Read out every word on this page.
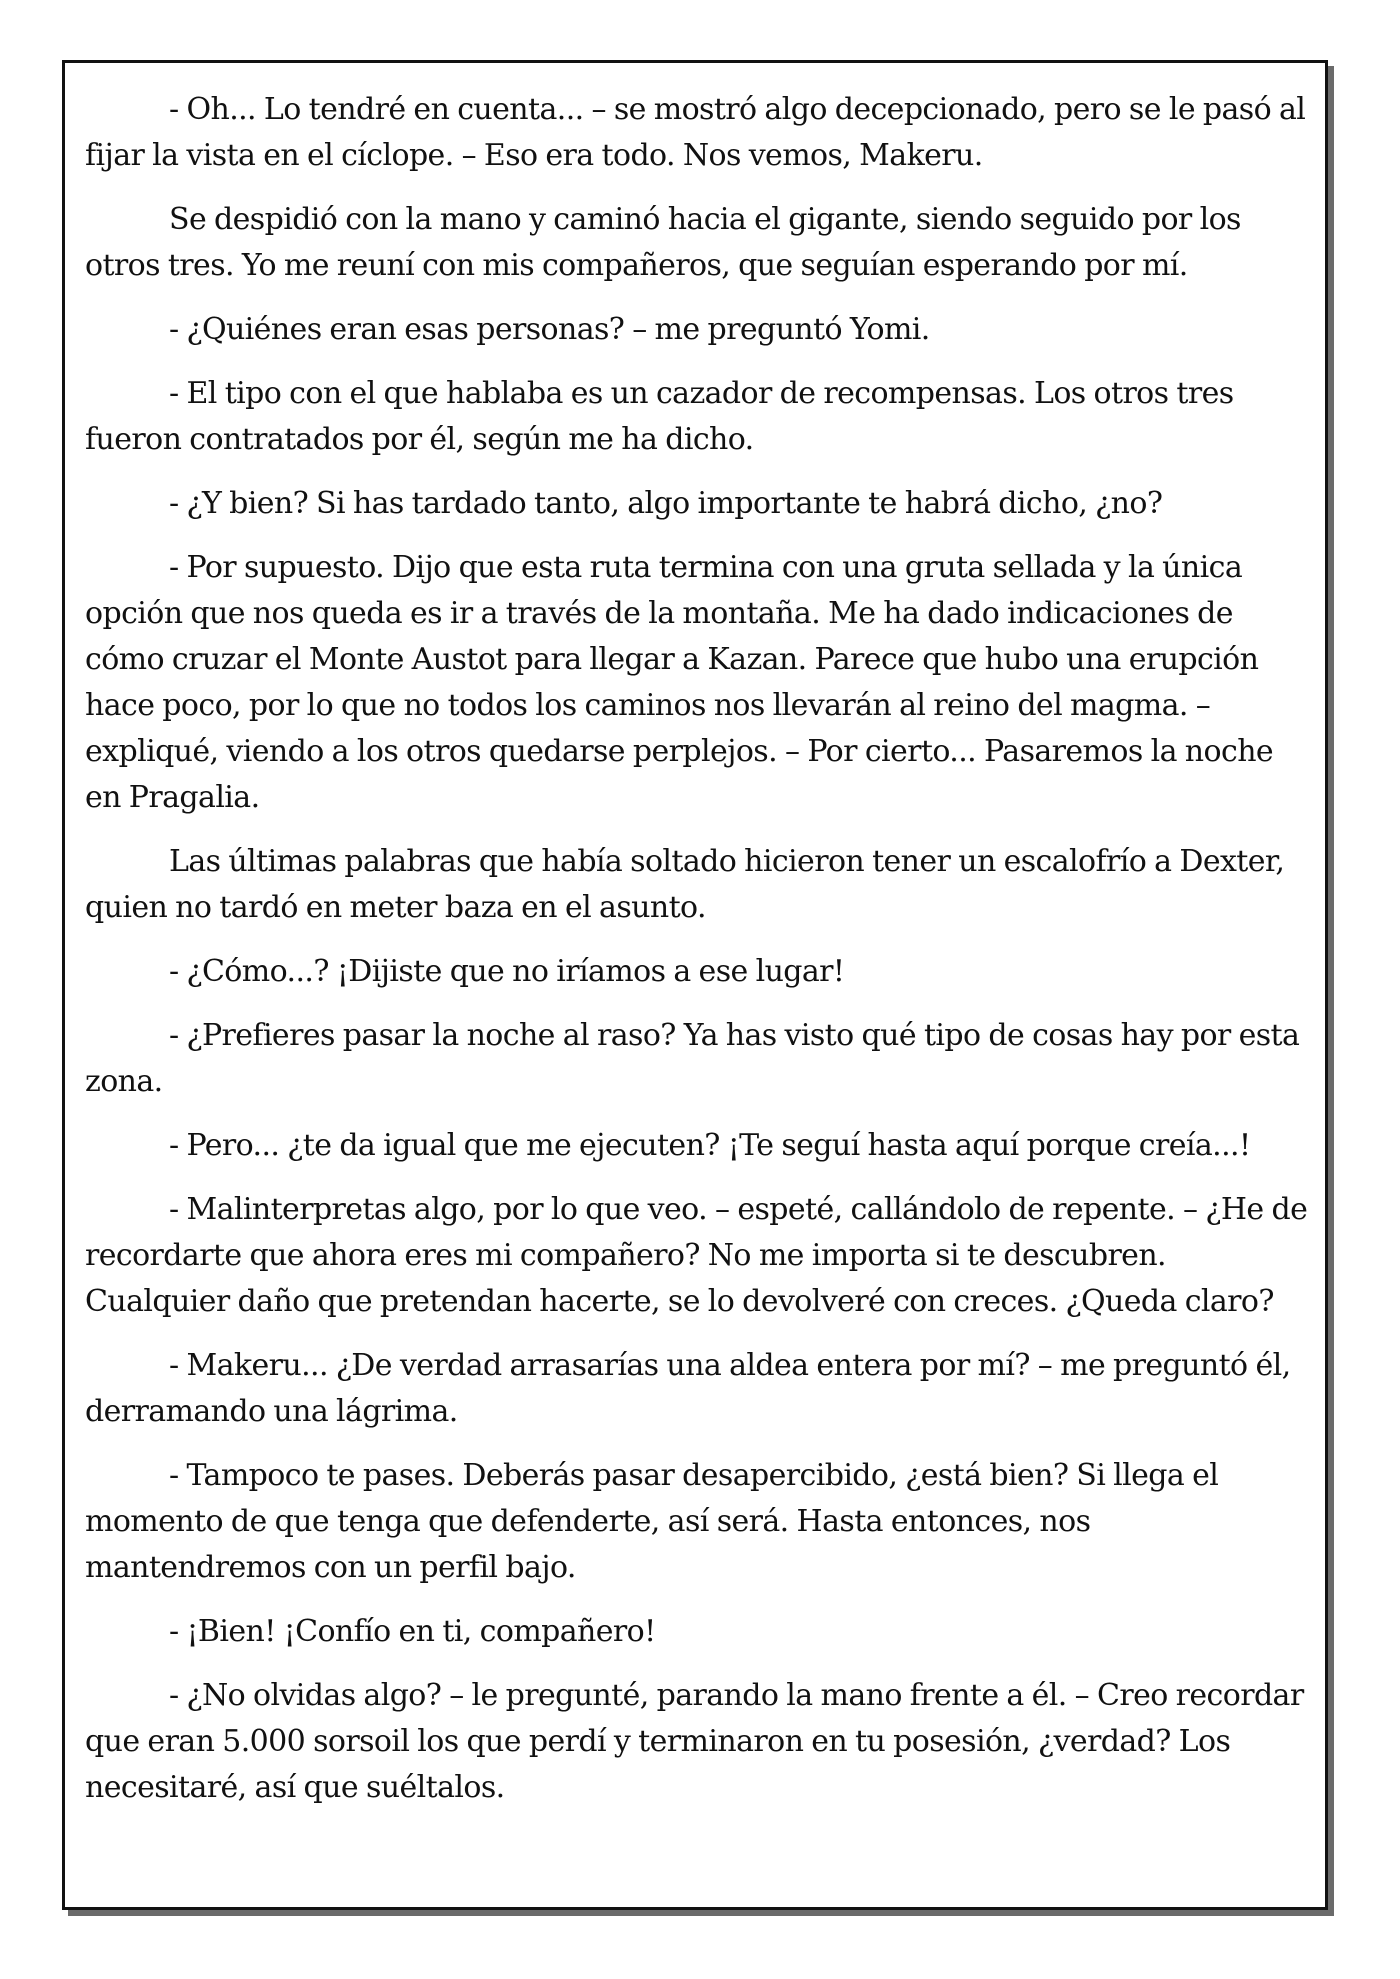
- Oh... Lo tendré en cuenta... – se mostró algo decepcionado, pero se le pasó al fijar la vista en el cíclope. – Eso era todo. Nos vemos, Makeru.

Se despidió con la mano y caminó hacia el gigante, siendo seguido por los otros tres. Yo me reuní con mis compañeros, que seguían esperando por mí.

- ¿Quiénes eran esas personas? – me preguntó Yomi.

- El tipo con el que hablaba es un cazador de recompensas. Los otros tres fueron contratados por él, según me ha dicho.

- ¿Y bien? Si has tardado tanto, algo importante te habrá dicho, ¿no?

- Por supuesto. Dijo que esta ruta termina con una gruta sellada y la única opción que nos queda es ir a través de la montaña. Me ha dado indicaciones de cómo cruzar el Monte Austot para llegar a Kazan. Parece que hubo una erupción hace poco, por lo que no todos los caminos nos llevarán al reino del magma. – expliqué, viendo a los otros quedarse perplejos. – Por cierto... Pasaremos la noche en Pragalia.

Las últimas palabras que había soltado hicieron tener un escalofrío a Dexter, quien no tardó en meter baza en el asunto.

- ¿Cómo...? ¡Dijiste que no iríamos a ese lugar!

- ¿Prefieres pasar la noche al raso? Ya has visto qué tipo de cosas hay por esta zona.

- Pero... ¿te da igual que me ejecuten? ¡Te seguí hasta aquí porque creía...!

- Malinterpretas algo, por lo que veo. – espeté, callándolo de repente. – ¿He de recordarte que ahora eres mi compañero? No me importa si te descubren. Cualquier daño que pretendan hacerte, se lo devolveré con creces. ¿Queda claro?

- Makeru... ¿De verdad arrasarías una aldea entera por mí? – me preguntó él, derramando una lágrima.

- Tampoco te pases. Deberás pasar desapercibido, ¿está bien? Si llega el momento de que tenga que defenderte, así será. Hasta entonces, nos mantendremos con un perfil bajo.

- ¡Bien! ¡Confío en ti, compañero!

- ¿No olvidas algo? – le pregunté, parando la mano frente a él. – Creo recordar que eran 5.000 sorsoil los que perdí y terminaron en tu posesión, ¿verdad? Los necesitaré, así que suéltalos.
